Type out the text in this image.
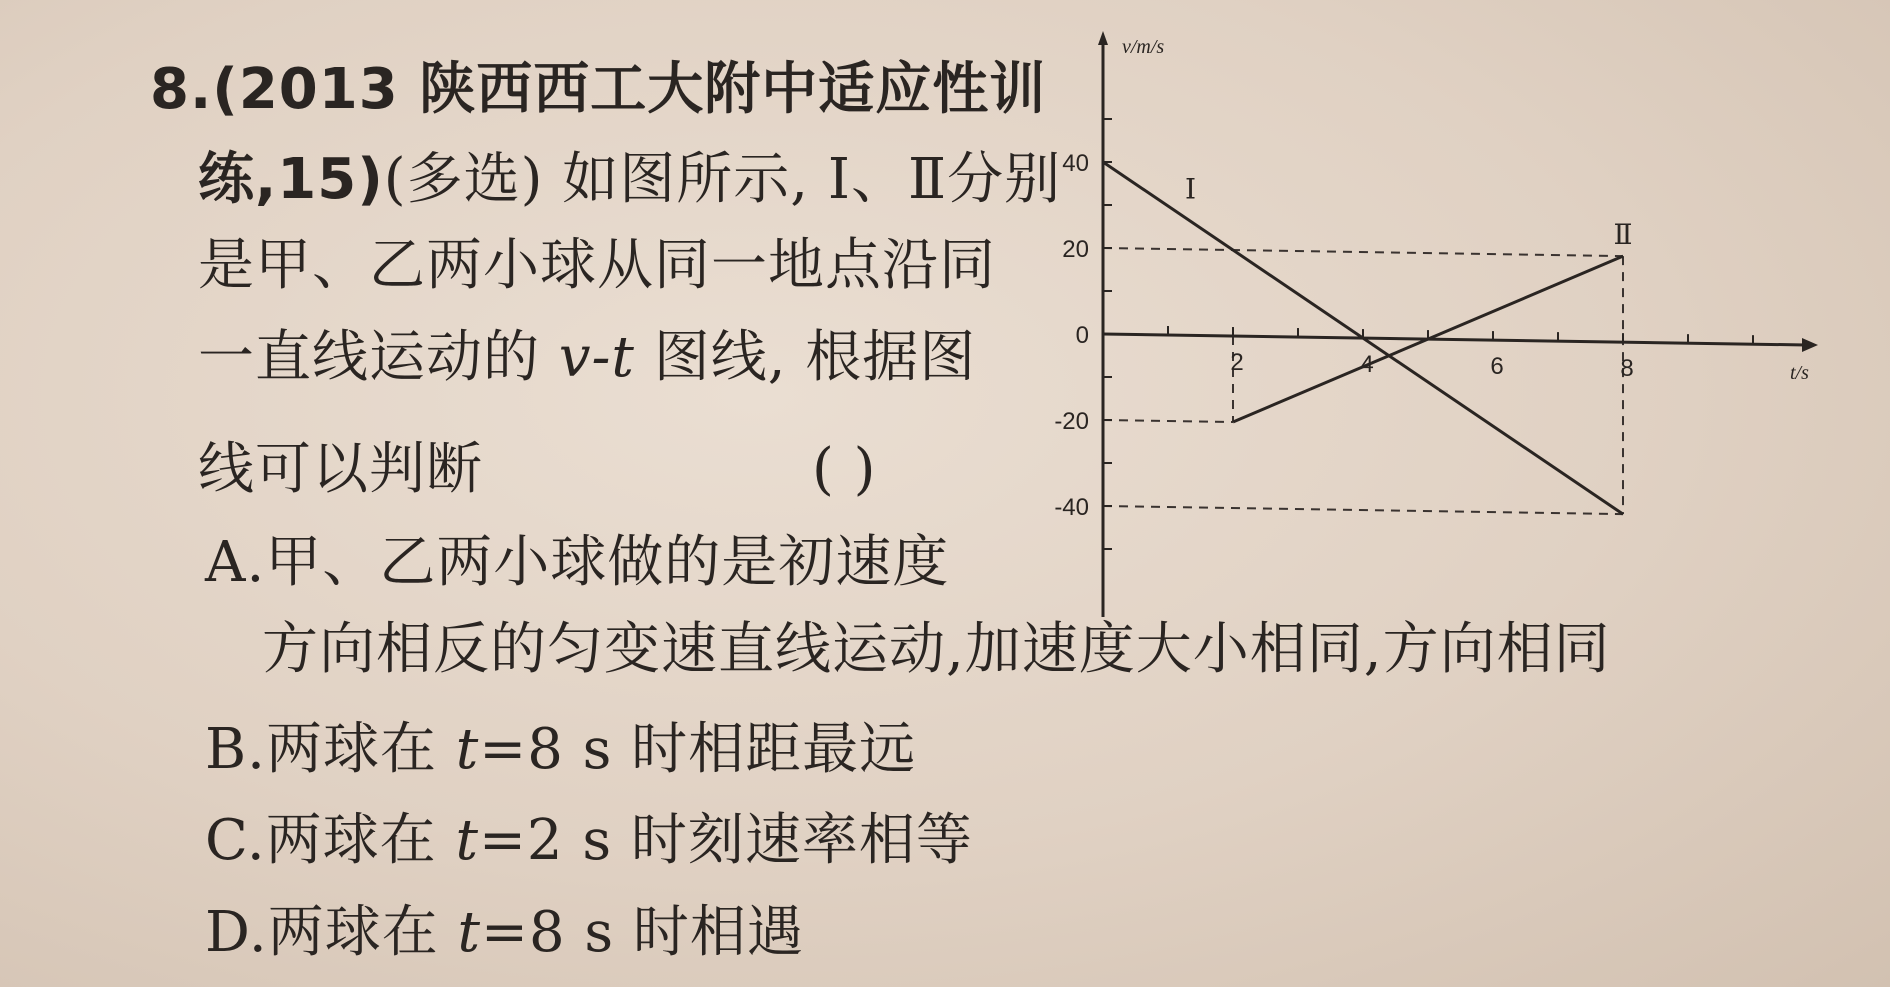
8.(2013 陕西西工大附中适应性训
练,15)(多选) 如图所示, Ⅰ、Ⅱ分别
是甲、乙两小球从同一地点沿同
一直线运动的 v-t 图线, 根据图
线可以判断	( )
A.甲、乙两小球做的是初速度
方向相反的匀变速直线运动,加速度大小相同,方向相同
B.两球在 t=8 s 时相距最远
C.两球在 t=2 s 时刻速率相等
D.两球在 t=8 s 时相遇
40
20
0
-20
-40
2	4	6	8
Ⅰ
Ⅱ
v/m/s
t/s
